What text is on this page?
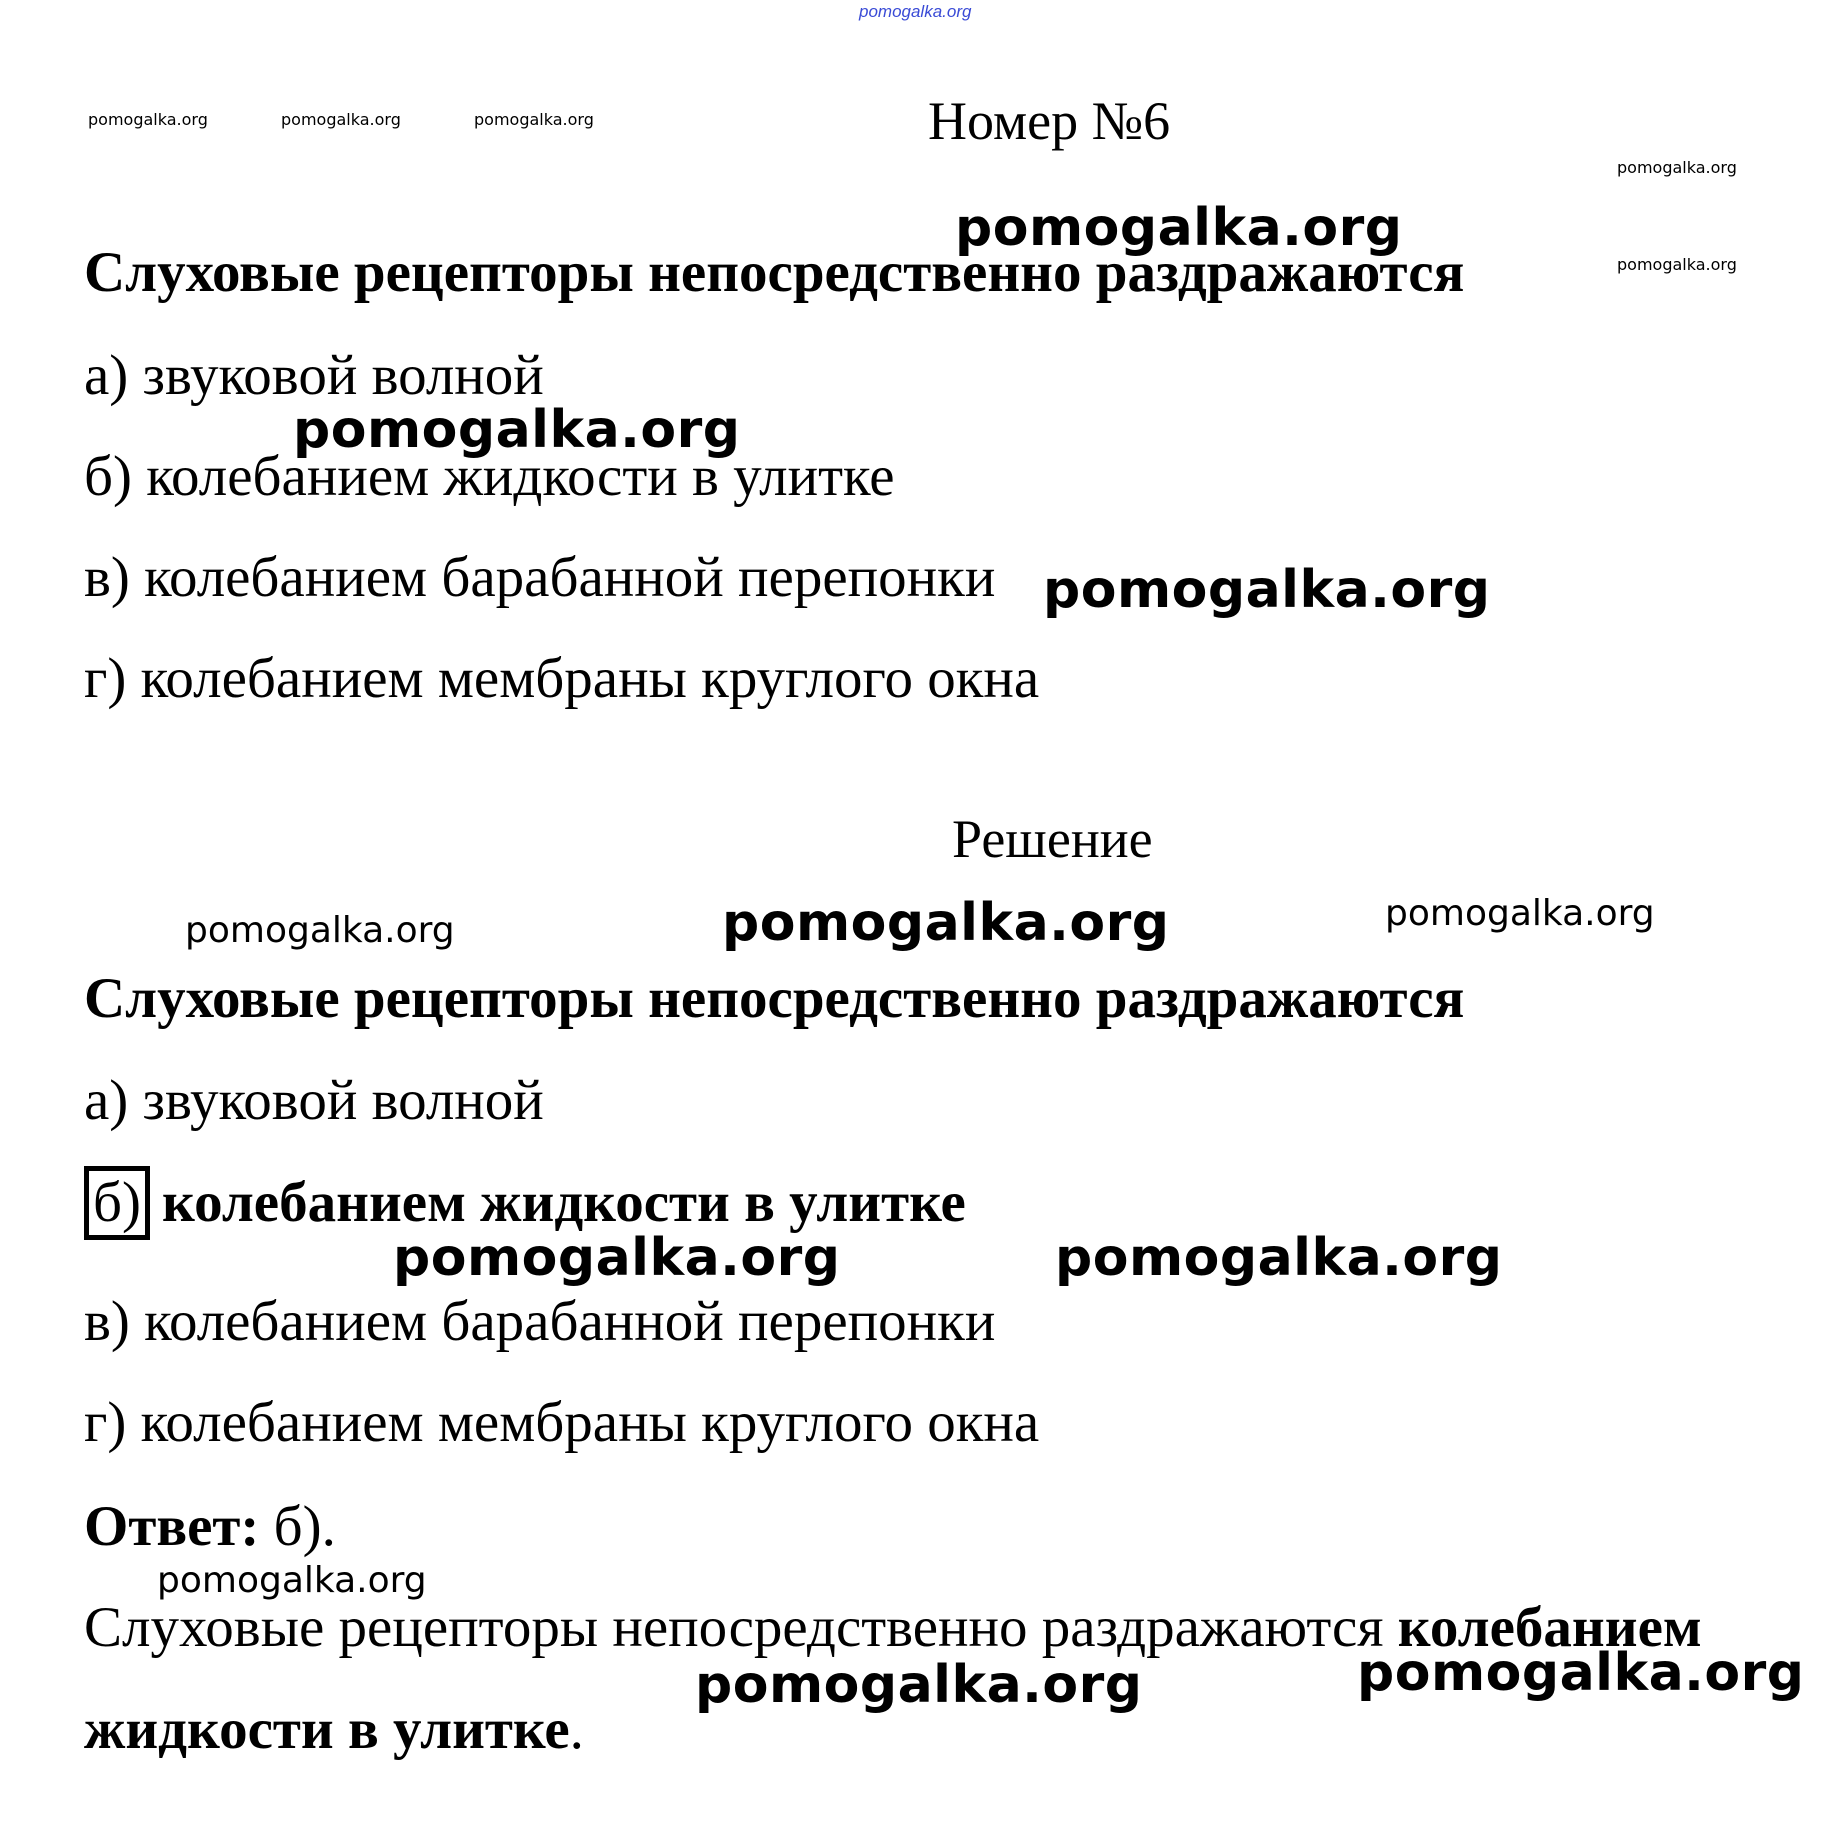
pomogalka.org
pomogalka.org	pomogalka.org	pomogalka.org
pomogalka.org
pomogalka.org
Номер №6
pomogalka.org
Слуховые рецепторы непосредственно раздражаются
а) звуковой волной
pomogalka.org
б) колебанием жидкости в улитке
в) колебанием барабанной перепонки pomogalka.org
г) колебанием мембраны круглого окна
Решение
pomogalka.org	pomogalka.org	pomogalka.org
Слуховые рецепторы непосредственно раздражаются
а) звуковой волной
б) колебанием жидкости в улитке
pomogalka.org	pomogalka.org
в) колебанием барабанной перепонки
г) колебанием мембраны круглого окна
Ответ: б).
pomogalka.org
Слуховые рецепторы непосредственно раздражаются колебанием
pomogalka.org	pomogalka.org
жидкости в улитке.
